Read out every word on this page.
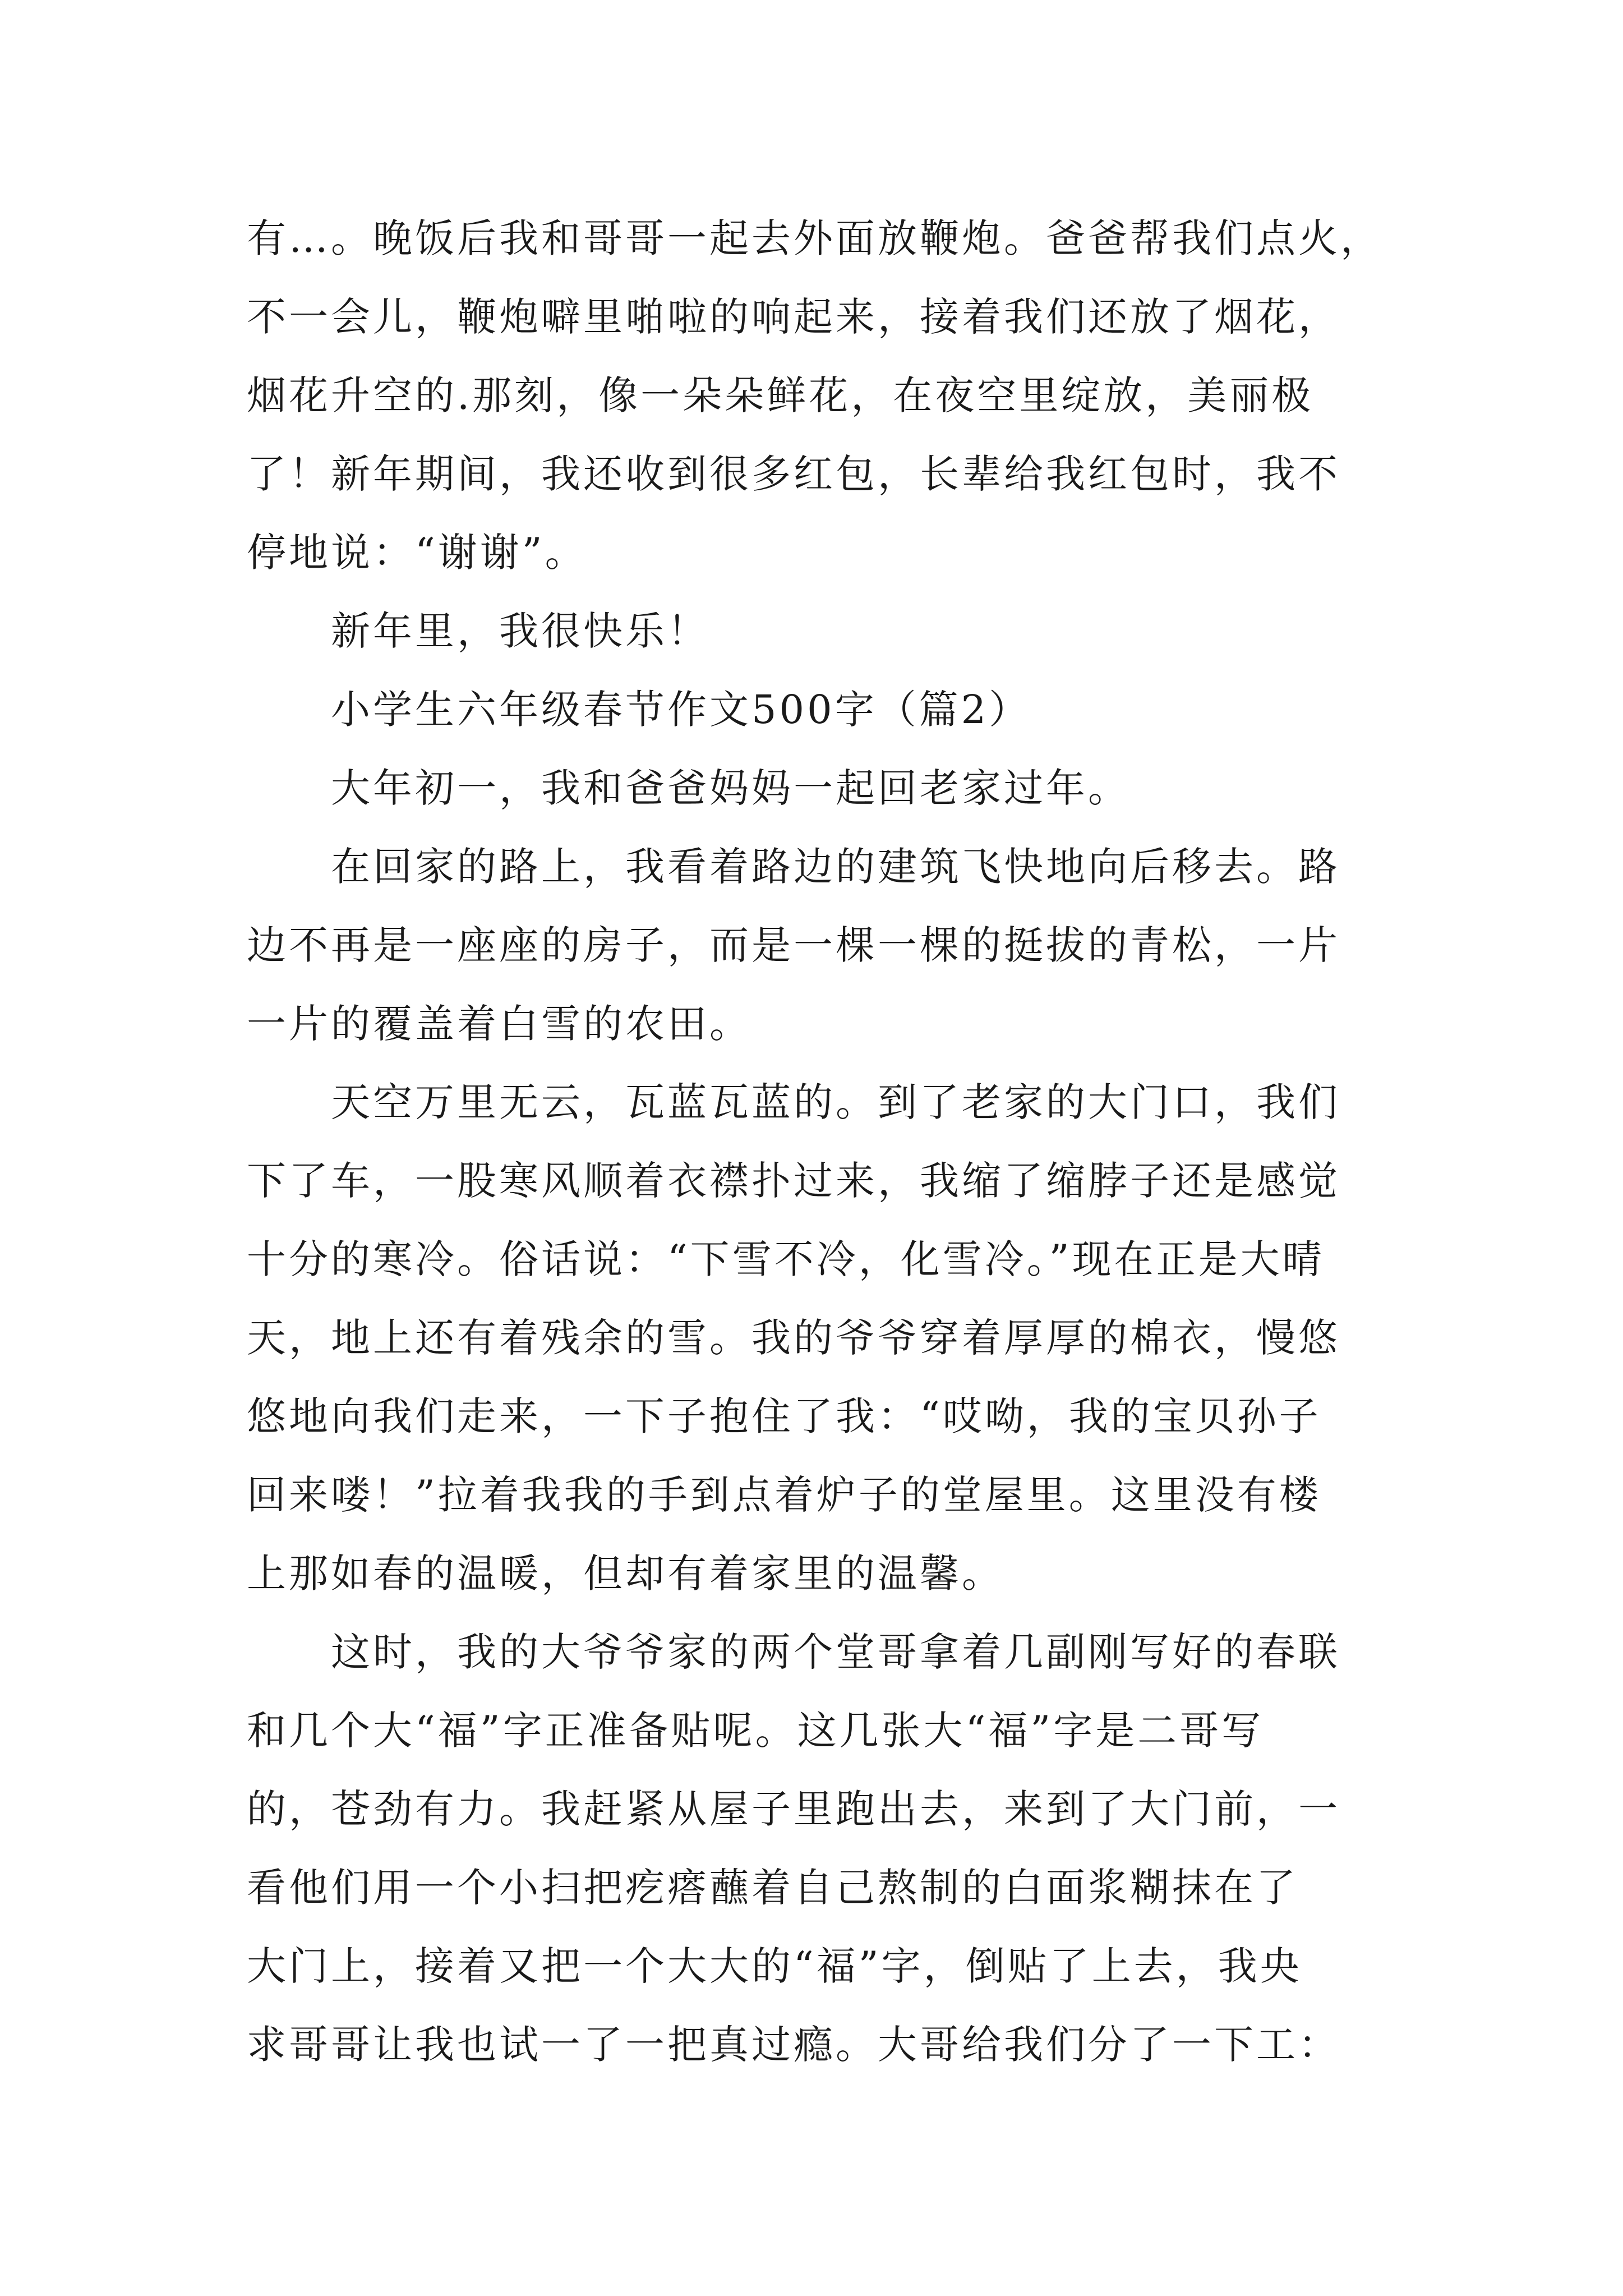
有…。晚饭后我和哥哥一起去外面放鞭炮。爸爸帮我们点火，
不一会儿，鞭炮噼里啪啦的响起来，接着我们还放了烟花，
烟花升空的.那刻，像一朵朵鲜花，在夜空里绽放，美丽极
了！新年期间，我还收到很多红包，长辈给我红包时，我不
停地说：“谢谢”。
新年里，我很快乐！
小学生六年级春节作文500字（篇2）
大年初一，我和爸爸妈妈一起回老家过年。
在回家的路上，我看着路边的建筑飞快地向后移去。路
边不再是一座座的房子，而是一棵一棵的挺拔的青松，一片
一片的覆盖着白雪的农田。
天空万里无云，瓦蓝瓦蓝的。到了老家的大门口，我们
下了车，一股寒风顺着衣襟扑过来，我缩了缩脖子还是感觉
十分的寒冷。俗话说：“下雪不冷，化雪冷。”现在正是大晴
天，地上还有着残余的雪。我的爷爷穿着厚厚的棉衣，慢悠
悠地向我们走来，一下子抱住了我：“哎呦，我的宝贝孙子
回来喽！”拉着我我的手到点着炉子的堂屋里。这里没有楼
上那如春的温暖，但却有着家里的温馨。
这时，我的大爷爷家的两个堂哥拿着几副刚写好的春联
和几个大“福”字正准备贴呢。这几张大“福”字是二哥写
的，苍劲有力。我赶紧从屋子里跑出去，来到了大门前，一
看他们用一个小扫把疙瘩蘸着自己熬制的白面浆糊抹在了
大门上，接着又把一个大大的“福”字，倒贴了上去，我央
求哥哥让我也试一了一把真过瘾。大哥给我们分了一下工：
